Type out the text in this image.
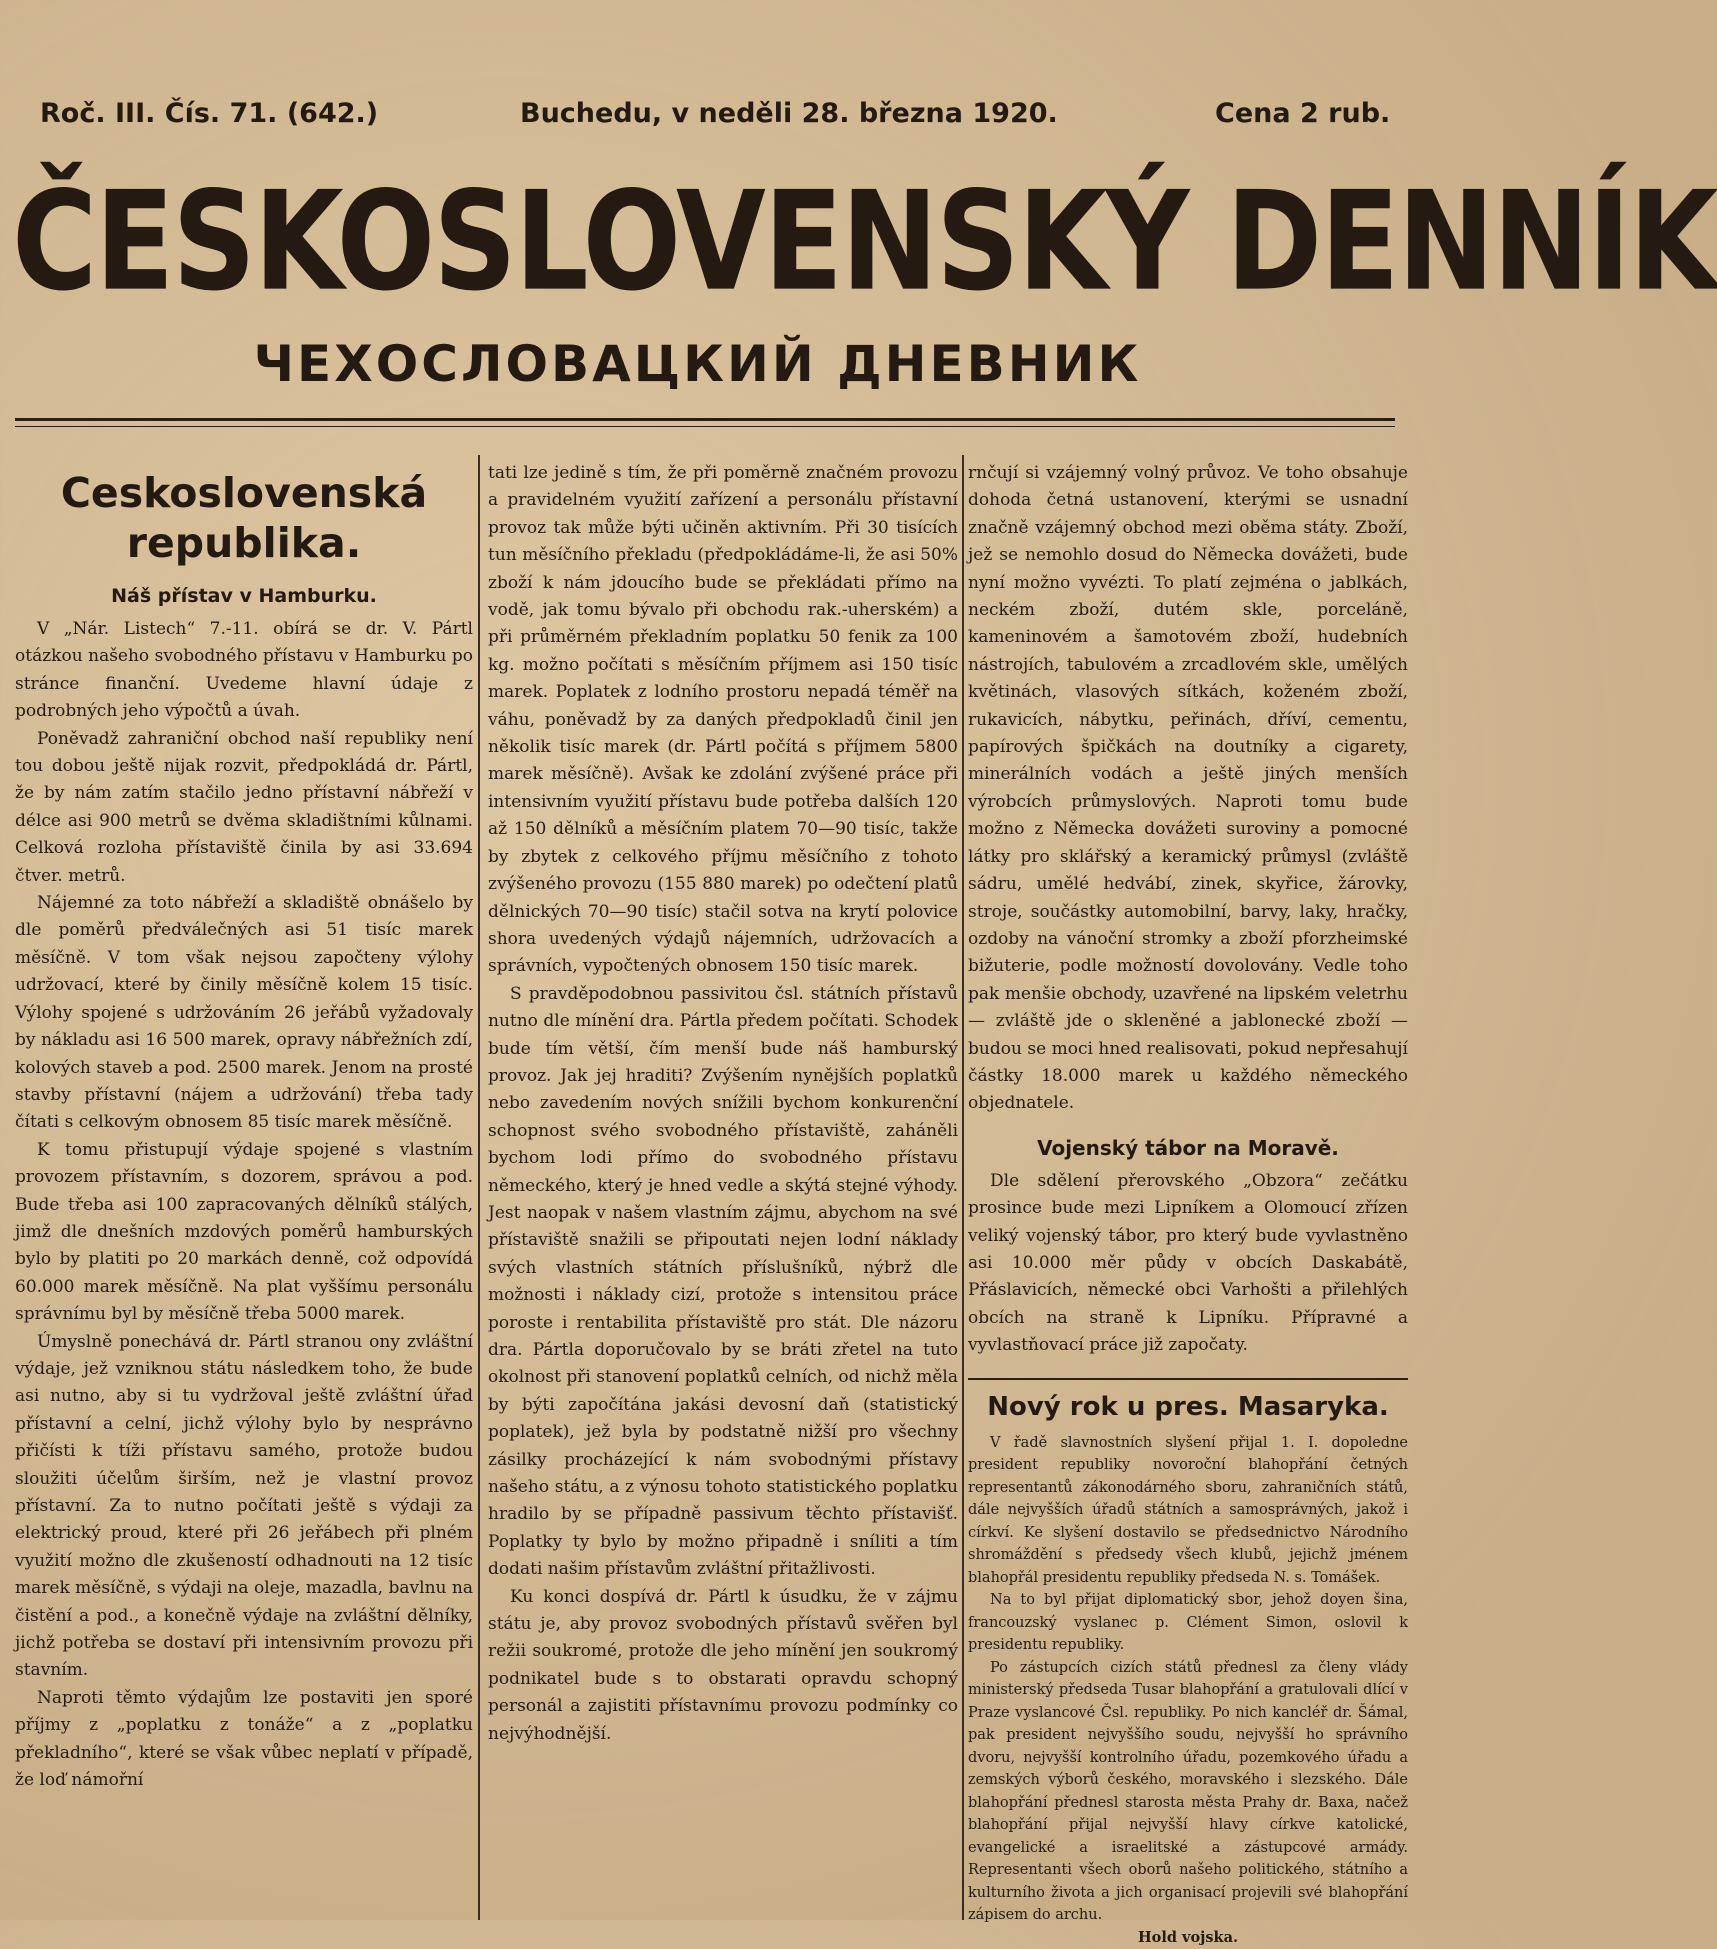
Roč. III. Čís. 71. (642.)	Buchedu, v neděli 28. března 1920.	Cena 2 rub.
ČESKOSLOVENSKÝ DENNÍK
ЧЕХОСЛОВАЦКИЙ ДНЕВНИК
Ceskoslovenská republika.
Náš přístav v Hamburku.

V „Nár. Listech“ 7.-11. obírá se dr. V. Pártl otázkou našeho svobodného přístavu v Hamburku po stránce finanční. Uvedeme hlavní údaje z podrobných jeho výpočtů a úvah.

Poněvadž zahraniční obchod naší republiky není tou dobou ještě nijak rozvit, předpokládá dr. Pártl, že by nám zatím stačilo jedno přístavní nábřeží v délce asi 900 metrů se dvěma skladištními kůlnami. Celková rozloha přístaviště činila by asi 33.694 čtver. metrů.

Nájemné za toto nábřeží a skladiště obnášelo by dle poměrů předválečných asi 51 tisíc marek měsíčně. V tom však nejsou započteny výlohy udržovací, které by činily měsíčně kolem 15 tisíc. Výlohy spojené s udržováním 26 jeřábů vyžadovaly by nákladu asi 16 500 marek, opravy nábřežních zdí, kolových staveb a pod. 2500 marek. Jenom na prosté stavby přístavní (nájem a udržování) třeba tady čítati s celkovým obnosem 85 tisíc marek měsíčně.

K tomu přistupují výdaje spojené s vlastním provozem přístavním, s dozorem, správou a pod. Bude třeba asi 100 zapracovaných dělníků stálých, jimž dle dnešních mzdových poměrů hamburských bylo by platiti po 20 markách denně, což odpovídá 60.000 marek měsíčně. Na plat vyššímu personálu správnímu byl by měsíčně třeba 5000 marek.

Úmyslně ponechává dr. Pártl stranou ony zvláštní výdaje, jež vzniknou státu následkem toho, že bude asi nutno, aby si tu vydržoval ještě zvláštní úřad přístavní a celní, jichž výlohy bylo by nesprávno přičísti k tíži přístavu samého, protože budou sloužiti účelům širším, než je vlastní provoz přístavní. Za to nutno počítati ještě s výdaji za elektrický proud, které při 26 jeřábech při plném využití možno dle zkušeností odhadnouti na 12 tisíc marek měsíčně, s výdaji na oleje, mazadla, bavlnu na čistění a pod., a konečně výdaje na zvláštní dělníky, jichž potřeba se dostaví při intensivním provozu při stavním.

Naproti těmto výdajům lze postaviti jen sporé příjmy z „poplatku z tonáže“ a z „poplatku překladního“, které se však vůbec neplatí v případě, že loď námořní

tati lze jedině s tím, že při poměrně značném provozu a pravidelném využití zařízení a personálu přístavní provoz tak může býti učiněn aktivním. Při 30 tisících tun měsíčního překladu (předpokládáme-li, že asi 50% zboží k nám jdoucího bude se překládati přímo na vodě, jak tomu bývalo při obchodu rak.-uherském) a při průměrném překladním poplatku 50 fenik za 100 kg. možno počítati s měsíčním příjmem asi 150 tisíc marek. Poplatek z lodního prostoru nepadá téměř na váhu, poněvadž by za daných předpokladů činil jen několik tisíc marek (dr. Pártl počítá s příjmem 5800 marek měsíčně). Avšak ke zdolání zvýšené práce při intensivním využití přístavu bude potřeba dalších 120 až 150 dělníků a měsíčním platem 70—90 tisíc, takže by zbytek z celkového příjmu měsíčního z tohoto zvýšeného provozu (155 880 marek) po odečtení platů dělnických 70—90 tisíc) stačil sotva na krytí polovice shora uvedených výdajů nájemních, udržovacích a správních, vypočtených obnosem 150 tisíc marek.

S pravděpodobnou passivitou čsl. státních přístavů nutno dle mínění dra. Pártla předem počítati. Schodek bude tím větší, čím menší bude náš hamburský provoz. Jak jej hraditi? Zvýšením nynějších poplatků nebo zavedením nových snížili bychom konkurenční schopnost svého svobodného přístaviště, zaháněli bychom lodi přímo do svobodného přístavu německého, který je hned vedle a skýtá stejné výhody. Jest naopak v našem vlastním zájmu, abychom na své přístaviště snažili se připoutati nejen lodní náklady svých vlastních státních příslušníků, nýbrž dle možnosti i náklady cizí, protože s intensitou práce poroste i rentabilita přístaviště pro stát. Dle názoru dra. Pártla doporučovalo by se bráti zřetel na tuto okolnost při stanovení poplatků celních, od nichž měla by býti započítána jakási devosní daň (statistický poplatek), jež byla by podstatně nižší pro všechny zásilky procházející k nám svobodnými přístavy našeho státu, a z výnosu tohoto statistického poplatku hradilo by se případně passivum těchto přístavišť. Poplatky ty bylo by možno připadně i sníliti a tím dodati našim přístavům zvláštní přitažlivosti.

Ku konci dospívá dr. Pártl k úsudku, že v zájmu státu je, aby provoz svobodných přístavů svěřen byl režii soukromé, protože dle jeho mínění jen soukromý podnikatel bude s to obstarati opravdu schopný personál a zajistiti přístavnímu provozu podmínky co nejvýhodnější.

rnčují si vzájemný volný průvoz. Ve toho obsahuje dohoda četná ustanovení, kterými se usnadní značně vzájemný obchod mezi oběma státy. Zboží, jež se nemohlo dosud do Německa dovážeti, bude nyní možno vyvézti. To platí zejména o jablkách, neckém zboží, dutém skle, porceláně, kameninovém a šamotovém zboží, hudebních nástrojích, tabulovém a zrcadlovém skle, umělých květinách, vlasových sítkách, koženém zboží, rukavicích, nábytku, peřinách, dříví, cementu, papírových špičkách na doutníky a cigarety, minerálních vodách a ještě jiných menších výrobcích průmyslových. Naproti tomu bude možno z Německa dovážeti suroviny a pomocné látky pro sklářský a keramický průmysl (zvláště sádru, umělé hedvábí, zinek, skyřice, žárovky, stroje, součástky automobilní, barvy, laky, hračky, ozdoby na vánoční stromky a zboží pforzheimské bižuterie, podle možností dovolovány. Vedle toho pak menšie obchody, uzavřené na lipském veletrhu — zvláště jde o skleněné a jablonecké zboží — budou se moci hned realisovati, pokud nepřesahují částky 18.000 marek u každého německého objednatele.

Vojenský tábor na Moravě.

Dle sdělení přerovského „Obzora“ zečátku prosince bude mezi Lipníkem a Olomoucí zřízen veliký vojenský tábor, pro který bude vyvlastněno asi 10.000 měr půdy v obcích Daskabátě, Přáslavicích, německé obci Varhošti a přilehlých obcích na straně k Lipníku. Přípravné a vyvlastňovací práce již započaty.

Nový rok u pres. Masaryka.

V řadě slavnostních slyšení přijal 1. I. dopoledne president republiky novoroční blahopřání četných representantů zákonodárného sboru, zahraničních států, dále nejvyšších úřadů státních a samosprávných, jakož i církví. Ke slyšení dostavilo se předsednictvo Národního shromáždění s předsedy všech klubů, jejichž jménem blahopřál presidentu republiky předseda N. s. Tomášek.

Na to byl přijat diplomatický sbor, jehož doyen šina, francouzský vyslanec p. Clément Simon, oslovil k presidentu republiky.

Po zástupcích cizích států přednesl za členy vlády ministerský předseda Tusar blahopřání a gratulovali dlící v Praze vyslancové Čsl. republiky. Po nich kancléř dr. Šámal, pak president nejvyššího soudu, nejvyšší ho správního dvoru, nejvyšší kontrolního úřadu, pozemkového úřadu a zemských výborů českého, moravského i slezského. Dále blahopřání přednesl starosta města Prahy dr. Baxa, načež blahopřání přijal nejvyšší hlavy církve katolické, evangelické a israelitské a zástupcové armády. Representanti všech oborů našeho politického, státního a kulturního života a jich organisací projevili své blahopřání zápisem do archu.

Hold vojska.
